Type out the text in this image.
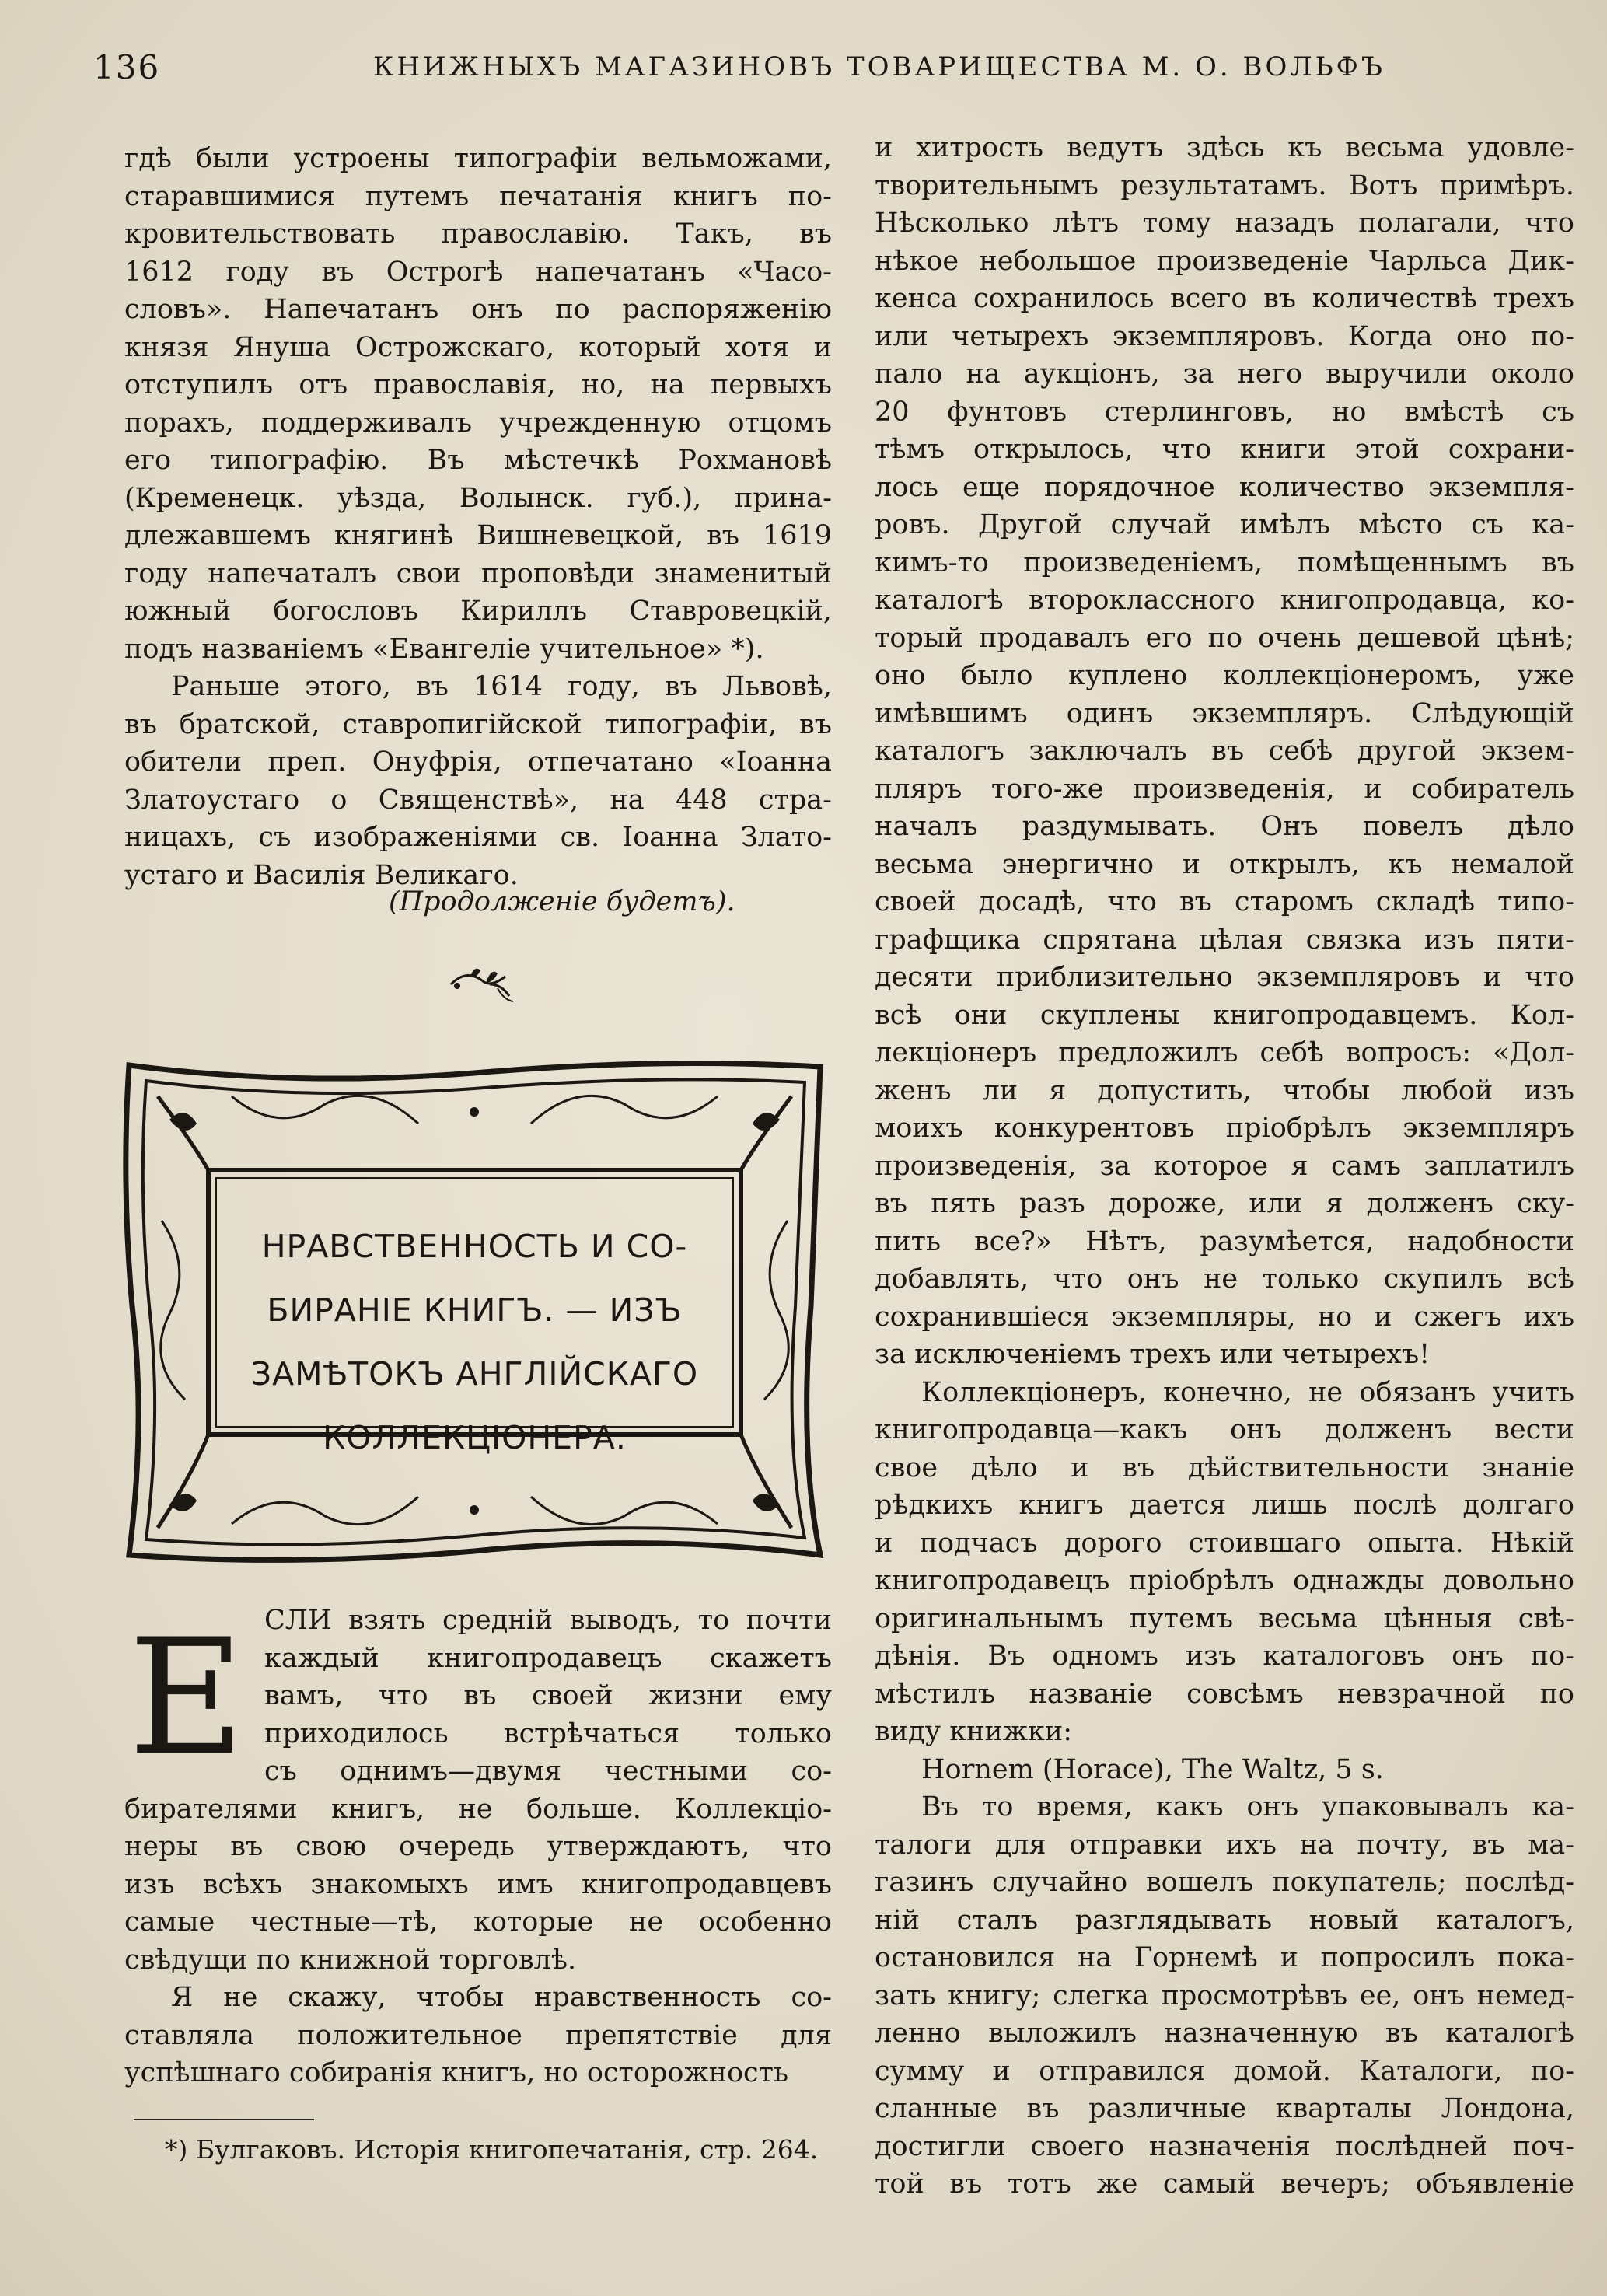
136	КНИЖНЫХЪ МАГАЗИНОВЪ ТОВАРИЩЕСТВА М. О. ВОЛЬФЪ
гдѣ были устроены типографіи вельможами,
старавшимися путемъ печатанія книгъ по-
кровительствовать православію. Такъ, въ
1612 году въ Острогѣ напечатанъ «Часо-
словъ». Напечатанъ онъ по распоряженію
князя Януша Острожскаго, который хотя и
отступилъ отъ православія, но, на первыхъ
порахъ, поддерживалъ учрежденную отцомъ
его типографію. Въ мѣстечкѣ Рохмановѣ
(Кременецк. уѣзда, Волынск. губ.), прина-
длежавшемъ княгинѣ Вишневецкой, въ 1619
году напечаталъ свои проповѣди знаменитый
южный богословъ Кириллъ Ставровецкій,
подъ названіемъ «Евангеліе учительное» *).
Раньше этого, въ 1614 году, въ Львовѣ,
въ братской, ставропигійской типографіи, въ
обители преп. Онуфрія, отпечатано «Іоанна
Златоустаго о Священствѣ», на 448 стра-
ницахъ, съ изображеніями св. Іоанна Злато-
устаго и Василія Великаго.
(Продолженіе будетъ).
НРАВСТВЕННОСТЬ И СО-
БИРАНІЕ КНИГЪ. — ИЗЪ
ЗАМѢТОКЪ АНГЛІЙСКАГО
КОЛЛЕКЦІОНЕРА.
Е СЛИ взять среднiй выводъ, то почти
каждый книгопродавецъ скажетъ
вамъ, что въ своей жизни ему
приходилось встрѣчаться только
съ однимъ—двумя честными со-
бирателями книгъ, не больше. Коллекціо-
неры въ свою очередь утверждаютъ, что
изъ всѣхъ знакомыхъ имъ книгопродавцевъ
самые честные—тѣ, которые не особенно
свѣдущи по книжной торговлѣ.
Я не скажу, чтобы нравственность со-
ставляла положительное препятствіе для
успѣшнаго собиранія книгъ, но осторожность
*) Булгаковъ. Исторія книгопечатанія, стр. 264.
и хитрость ведутъ здѣсь къ весьма удовле-
творительнымъ результатамъ. Вотъ примѣръ.
Нѣсколько лѣтъ тому назадъ полагали, что
нѣкое небольшое произведеніе Чарльса Дик-
кенса сохранилось всего въ количествѣ трехъ
или четырехъ экземпляровъ. Когда оно по-
пало на аукціонъ, за него выручили около
20 фунтовъ стерлинговъ, но вмѣстѣ съ
тѣмъ открылось, что книги этой сохрани-
лось еще порядочное количество экземпля-
ровъ. Другой случай имѣлъ мѣсто съ ка-
кимъ-то произведеніемъ, помѣщеннымъ въ
каталогѣ второклассного книгопродавца, ко-
торый продавалъ его по очень дешевой цѣнѣ;
оно было куплено коллекціонеромъ, уже
имѣвшимъ одинъ экземпляръ. Слѣдующій
каталогъ заключалъ въ себѣ другой экзем-
пляръ того-же произведенія, и собиратель
началъ раздумывать. Онъ повелъ дѣло
весьма энергично и открылъ, къ немалой
своей досадѣ, что въ старомъ складѣ типо-
графщика спрятана цѣлая связка изъ пяти-
десяти приблизительно экземпляровъ и что
всѣ они скуплены книгопродавцемъ. Кол-
лекціонеръ предложилъ себѣ вопросъ: «Дол-
женъ ли я допустить, чтобы любой изъ
моихъ конкурентовъ пріобрѣлъ экземпляръ
произведенія, за которое я самъ заплатилъ
въ пять разъ дороже, или я долженъ ску-
пить все?» Нѣтъ, разумѣется, надобности
добавлять, что онъ не только скупилъ всѣ
сохранившіеся экземпляры, но и сжегъ ихъ
за исключеніемъ трехъ или четырехъ!
Коллекціонеръ, конечно, не обязанъ учить
книгопродавца—какъ онъ долженъ вести
свое дѣло и въ дѣйствительности знаніе
рѣдкихъ книгъ дается лишь послѣ долгаго
и подчасъ дорого стоившаго опыта. Нѣкій
книгопродавецъ пріобрѣлъ однажды довольно
оригинальнымъ путемъ весьма цѣнныя свѣ-
дѣнія. Въ одномъ изъ каталоговъ онъ по-
мѣстилъ названіе совсѣмъ невзрачной по
виду книжки:
Hornem (Horace), The Waltz, 5 s.
Въ то время, какъ онъ упаковывалъ ка-
талоги для отправки ихъ на почту, въ ма-
газинъ случайно вошелъ покупатель; послѣд-
ній сталъ разглядывать новый каталогъ,
остановился на Горнемѣ и попросилъ пока-
зать книгу; слегка просмотрѣвъ ее, онъ немед-
ленно выложилъ назначенную въ каталогѣ
сумму и отправился домой. Каталоги, по-
сланные въ различные кварталы Лондона,
достигли своего назначенія послѣдней поч-
той въ тотъ же самый вечеръ; объявленіе
